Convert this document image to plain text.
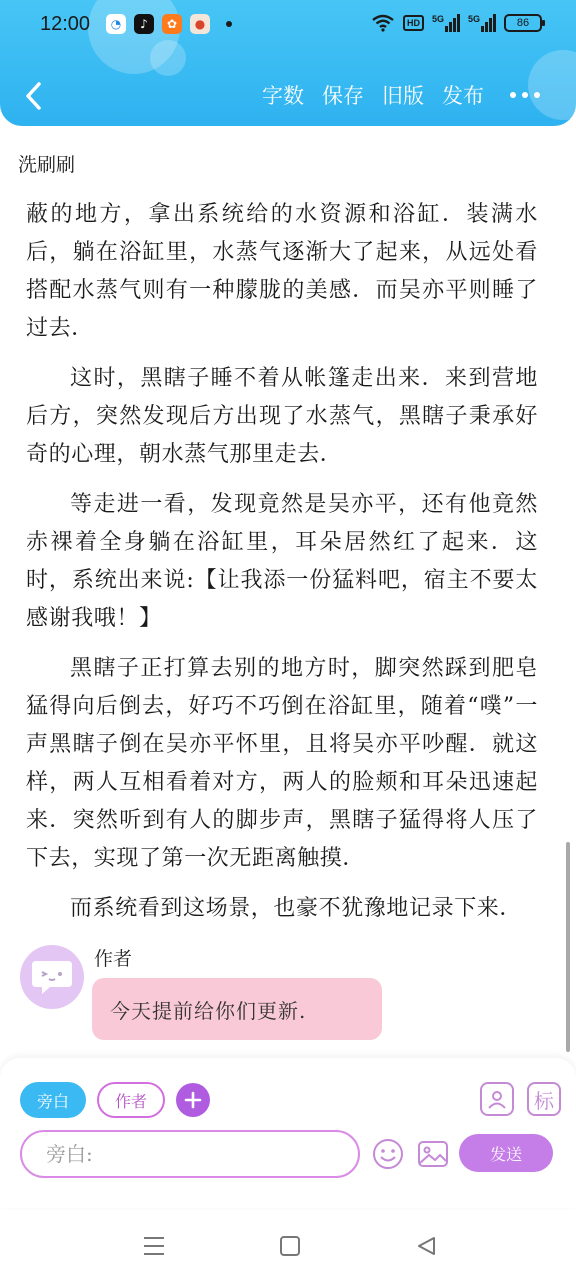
12:00	◔	♪	✿	●	HD	5G	5G	86
字数 保存 旧版 发布
洗刷刷

蔽的地方，拿出系统给的水资源和浴缸．装满水后，躺在浴缸里，水蒸气逐渐大了起来，从远处看搭配水蒸气则有一种朦胧的美感．而吴亦平则睡了过去．

这时，黑瞎子睡不着从帐篷走出来．来到营地后方，突然发现后方出现了水蒸气，黑瞎子秉承好奇的心理，朝水蒸气那里走去．

等走进一看，发现竟然是吴亦平，还有他竟然赤裸着全身躺在浴缸里，耳朵居然红了起来．这时，系统出来说:【让我添一份猛料吧，宿主不要太感谢我哦！】

黑瞎子正打算去别的地方时，脚突然踩到肥皂猛得向后倒去，好巧不巧倒在浴缸里，随着“噗”一声黑瞎子倒在吴亦平怀里，且将吴亦平吵醒．就这样，两人互相看着对方，两人的脸颊和耳朵迅速起来．突然听到有人的脚步声，黑瞎子猛得将人压了下去，实现了第一次无距离触摸．

而系统看到这场景，也豪不犹豫地记录下来．

作者
今天提前给你们更新.
旁白	作者	标
旁白:
发送
